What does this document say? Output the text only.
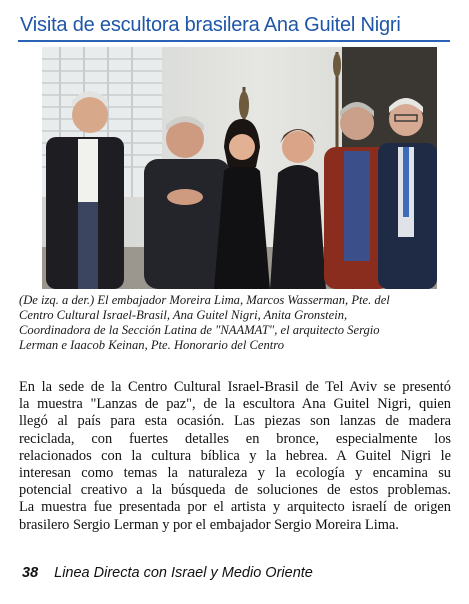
Visita de escultora brasilera Ana Guitel Nigri
(De izq. a der.) El embajador Moreira Lima, Marcos Wasserman, Pte. del
Centro Cultural Israel-Brasil, Ana Guitel Nigri, Anita Gronstein,
Coordinadora de la Sección Latina de "NAAMAT", el arquitecto Sergio
Lerman e Iaacob Keinan, Pte. Honorario del Centro
En la sede de la Centro Cultural Israel-Brasil de Tel Aviv se presentó
la muestra "Lanzas de paz", de la escultora Ana Guitel Nigri, quien
llegó al país para esta ocasión. Las piezas son lanzas de madera
reciclada, con fuertes detalles en bronce, especialmente los
relacionados con la cultura bíblica y la hebrea. A Guitel Nigri le
interesan como temas la naturaleza y la ecología y encamina su
potencial creativo a la búsqueda de soluciones de estos problemas.
La muestra fue presentada por el artista y arquitecto israelí de origen
brasilero Sergio Lerman y por el embajador Sergio Moreira Lima.
38 Linea Directa con Israel y Medio Oriente
